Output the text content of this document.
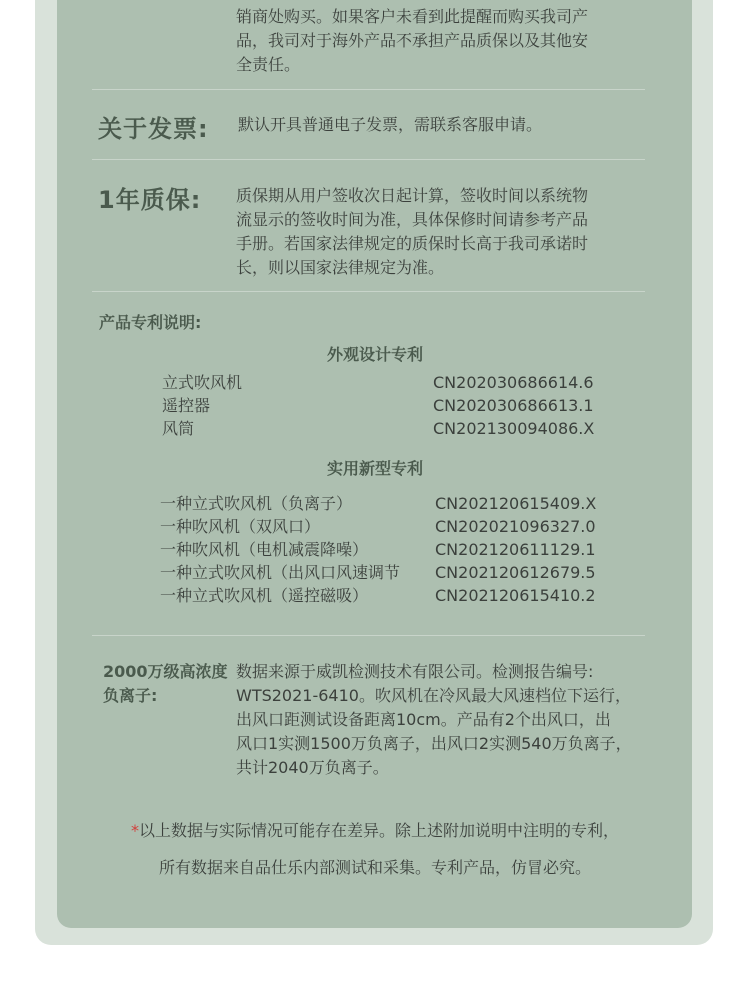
销商处购买。如果客户未看到此提醒而购买我司产
品，我司对于海外产品不承担产品质保以及其他安
全责任。
关于发票: 默认开具普通电子发票，需联系客服申请。
1年质保: 质保期从用户签收次日起计算，签收时间以系统物
流显示的签收时间为准，具体保修时间请参考产品
手册。若国家法律规定的质保时长高于我司承诺时
长，则以国家法律规定为准。
产品专利说明:
外观设计专利
立式吹风机	CN202030686614.6
遥控器	CN202030686613.1
风筒	CN202130094086.X
实用新型专利
一种立式吹风机（负离子）	CN202120615409.X
一种吹风机（双风口）	CN202021096327.0
一种吹风机（电机减震降噪）	CN202120611129.1
一种立式吹风机（出风口风速调节 CN202120612679.5
一种立式吹风机（遥控磁吸）	CN202120615410.2
2000万级高浓度
负离子:
数据来源于威凯检测技术有限公司。检测报告编号:
WTS2021-6410。吹风机在冷风最大风速档位下运行，
出风口距测试设备距离10cm。产品有2个出风口，出
风口1实测1500万负离子，出风口2实测540万负离子，
共计2040万负离子。
*以上数据与实际情况可能存在差异。除上述附加说明中注明的专利，
所有数据来自品仕乐内部测试和采集。专利产品，仿冒必究。
